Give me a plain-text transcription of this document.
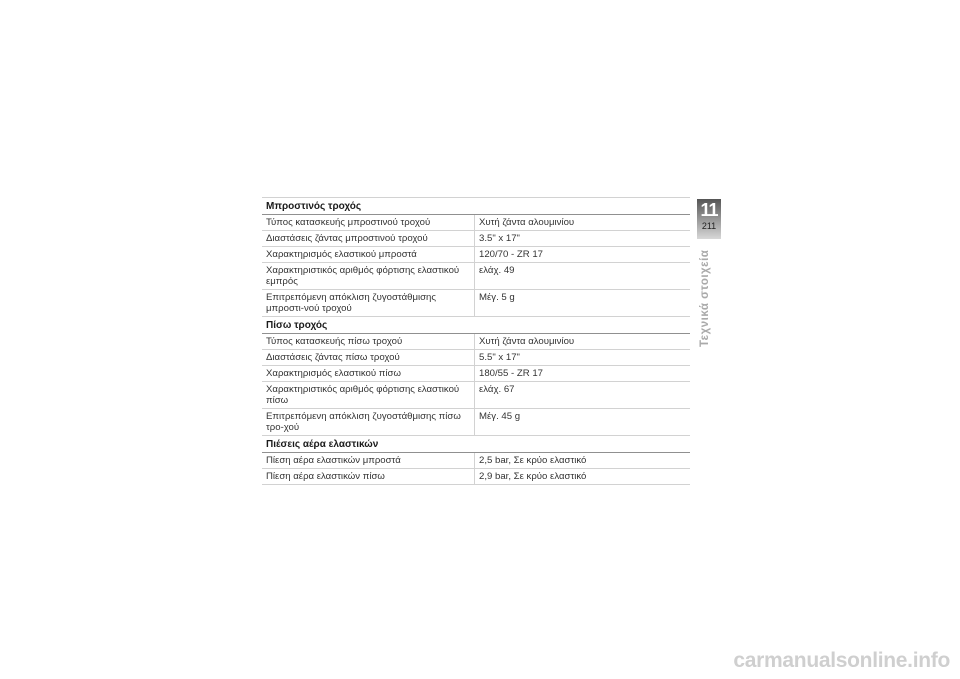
Μπροστινός τροχός	
Τύπος κατασκευής μπροστινού τροχού	Χυτή ζάντα αλουμινίου
Διαστάσεις ζάντας μπροστινού τροχού	3.5" x 17"
Χαρακτηρισμός ελαστικού μπροστά	120/70 - ZR 17
Χαρακτηριστικός αριθμός φόρτισης ελαστικού εμπρός	ελάχ. 49
Επιτρεπόμενη απόκλιση ζυγοστάθμισης μπροστι-νού τροχού	Μέγ. 5 g
Πίσω τροχός	
Τύπος κατασκευής πίσω τροχού	Χυτή ζάντα αλουμινίου
Διαστάσεις ζάντας πίσω τροχού	5.5" x 17"
Χαρακτηρισμός ελαστικού πίσω	180/55 - ZR 17
Χαρακτηριστικός αριθμός φόρτισης ελαστικού πίσω	ελάχ. 67
Επιτρεπόμενη απόκλιση ζυγοστάθμισης πίσω τρο-χού	Μέγ. 45 g
Πιέσεις αέρα ελαστικών	
Πίεση αέρα ελαστικών μπροστά	2,5 bar, Σε κρύο ελαστικό
Πίεση αέρα ελαστικών πίσω	2,9 bar, Σε κρύο ελαστικό
11
211
Τεχνικά στοιχεία
carmanualsonline.info
